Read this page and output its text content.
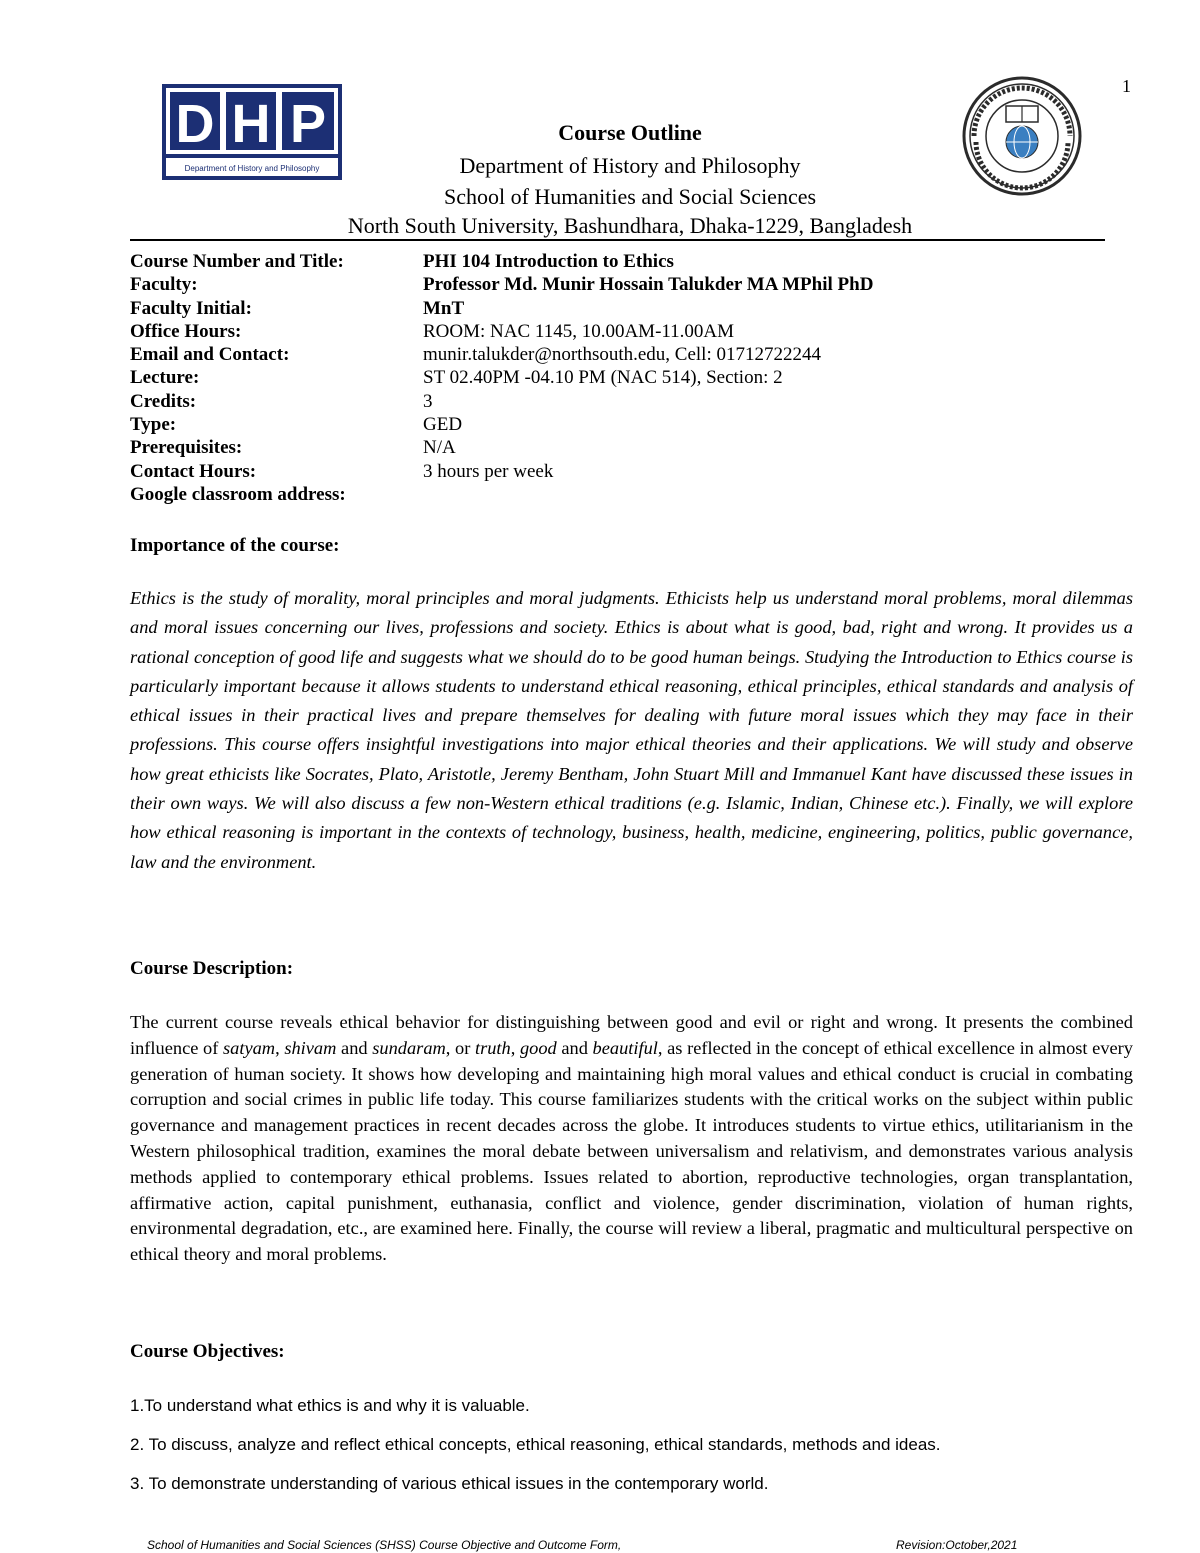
D H P
Department of History and Philosophy
1
Course Outline
Department of History and Philosophy
School of Humanities and Social Sciences
North South University, Bashundhara, Dhaka-1229, Bangladesh
Course Number and Title:	PHI 104 Introduction to Ethics
Faculty:	Professor Md. Munir Hossain Talukder MA MPhil PhD
Faculty Initial:	MnT
Office Hours:	ROOM: NAC 1145, 10.00AM-11.00AM
Email and Contact:	munir.talukder@northsouth.edu, Cell: 01712722244
Lecture:	ST 02.40PM -04.10 PM (NAC 514), Section: 2
Credits:	3
Type:	GED
Prerequisites:	N/A
Contact Hours:	3 hours per week
Google classroom address:
Importance of the course:
Ethics is the study of morality, moral principles and moral judgments. Ethicists help us understand moral problems, moral dilemmas and moral issues concerning our lives, professions and society. Ethics is about what is good, bad, right and wrong. It provides us a rational conception of good life and suggests what we should do to be good human beings. Studying the Introduction to Ethics course is particularly important because it allows students to understand ethical reasoning, ethical principles, ethical standards and analysis of ethical issues in their practical lives and prepare themselves for dealing with future moral issues which they may face in their professions. This course offers insightful investigations into major ethical theories and their applications. We will study and observe how great ethicists like Socrates, Plato, Aristotle, Jeremy Bentham, John Stuart Mill and Immanuel Kant have discussed these issues in their own ways. We will also discuss a few non-Western ethical traditions (e.g. Islamic, Indian, Chinese etc.). Finally, we will explore how ethical reasoning is important in the contexts of technology, business, health, medicine, engineering, politics, public governance, law and the environment.
Course Description:
The current course reveals ethical behavior for distinguishing between good and evil or right and wrong. It presents the combined influence of satyam, shivam and sundaram, or truth, good and beautiful, as reflected in the concept of ethical excellence in almost every generation of human society. It shows how developing and maintaining high moral values and ethical conduct is crucial in combating corruption and social crimes in public life today. This course familiarizes students with the critical works on the subject within public governance and management practices in recent decades across the globe. It introduces students to virtue ethics, utilitarianism in the Western philosophical tradition, examines the moral debate between universalism and relativism, and demonstrates various analysis methods applied to contemporary ethical problems. Issues related to abortion, reproductive technologies, organ transplantation, affirmative action, capital punishment, euthanasia, conflict and violence, gender discrimination, violation of human rights, environmental degradation, etc., are examined here. Finally, the course will review a liberal, pragmatic and multicultural perspective on ethical theory and moral problems.
Course Objectives:
1.To understand what ethics is and why it is valuable.
2. To discuss, analyze and reflect ethical concepts, ethical reasoning, ethical standards, methods and ideas.
3. To demonstrate understanding of various ethical issues in the contemporary world.
School of Humanities and Social Sciences (SHSS) Course Objective and Outcome Form,	Revision:October,2021
